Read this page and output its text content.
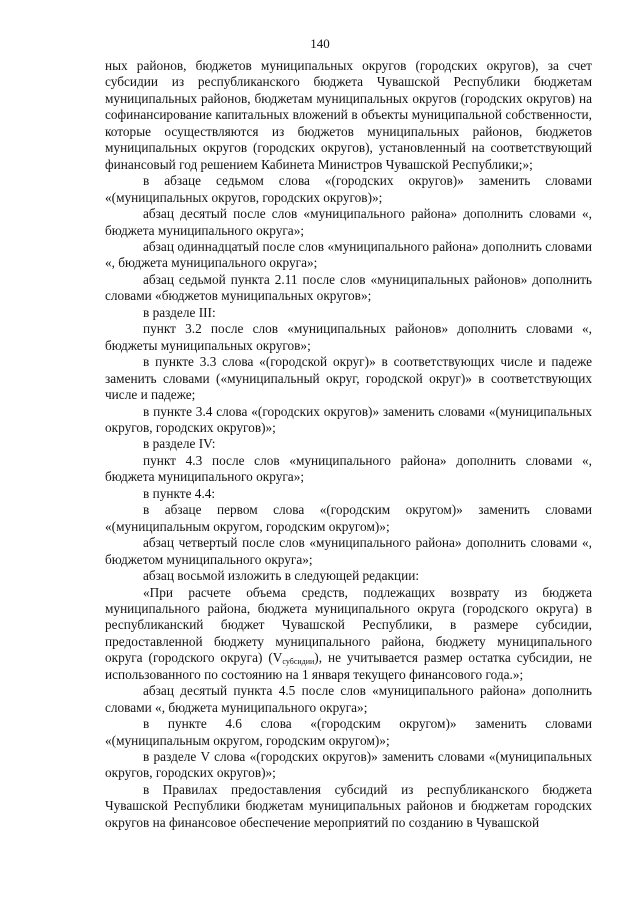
140

ных районов, бюджетов муниципальных округов (городских округов), за счет субсидии из республиканского бюджета Чувашской Республики бюджетам муниципальных районов, бюджетам муниципальных округов (городских округов) на софинансирование капитальных вложений в объекты муниципальной собственности, которые осуществляются из бюджетов муниципальных районов, бюджетов муниципальных округов (городских округов), установленный на соответствующий финансовый год решением Кабинета Министров Чувашской Республики;»;

в абзаце седьмом слова «(городских округов)» заменить словами «(муниципальных округов, городских округов)»;

абзац десятый после слов «муниципального района» дополнить словами «, бюджета муниципального округа»;

абзац одиннадцатый после слов «муниципального района» дополнить словами «, бюджета муниципального округа»;

абзац седьмой пункта 2.11 после слов «муниципальных районов» дополнить словами «бюджетов муниципальных округов»;

в разделе III:

пункт 3.2 после слов «муниципальных районов» дополнить словами «, бюджеты муниципальных округов»;

в пункте 3.3 слова «(городской округ)» в соответствующих числе и падеже заменить словами («муниципальный округ, городской округ)» в соответствующих числе и падеже;

в пункте 3.4 слова «(городских округов)» заменить словами «(муниципальных округов, городских округов)»;

в разделе IV:

пункт 4.3 после слов «муниципального района» дополнить словами «, бюджета муниципального округа»;

в пункте 4.4:

в абзаце первом слова «(городским округом)» заменить словами «(муниципальным округом, городским округом)»;

абзац четвертый после слов «муниципального района» дополнить словами «, бюджетом муниципального округа»;

абзац восьмой изложить в следующей редакции:

«При расчете объема средств, подлежащих возврату из бюджета муниципального района, бюджета муниципального округа (городского округа) в республиканский бюджет Чувашской Республики, в размере субсидии, предоставленной бюджету муниципального района, бюджету муниципального округа (городского округа) $(V_{субсидии})$, не учитывается размер остатка субсидии, не использованного по состоянию на 1 января текущего финансового года.»;

абзац десятый пункта 4.5 после слов «муниципального района» дополнить словами «, бюджета муниципального округа»;

в пункте 4.6 слова «(городским округом)» заменить словами «(муниципальным округом, городским округом)»;

в разделе V слова «(городских округов)» заменить словами «(муниципальных округов, городских округов)»;

в Правилах предоставления субсидий из республиканского бюджета Чувашской Республики бюджетам муниципальных районов и бюджетам городских округов на финансовое обеспечение мероприятий по созданию в Чувашской
